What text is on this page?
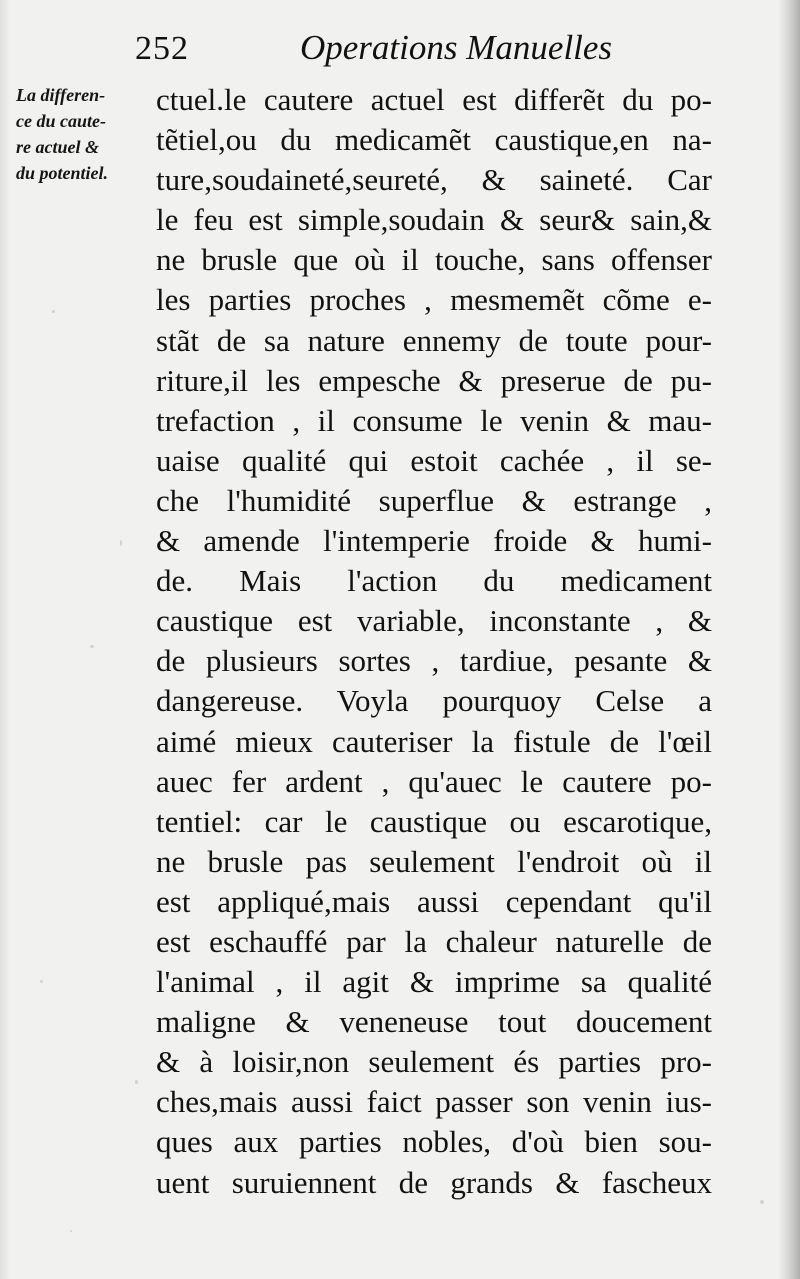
252	Operations Manuelles
La differen-
ce du caute-
re actuel &
du potentiel.
ctuel.le cautere actuel est differẽt du po-
tẽtiel,ou du medicamẽt caustique,en na-
ture,soudaineté,seureté, & saineté. Car
le feu est simple,soudain & seur& sain,&
ne brusle que où il touche, sans offenser
les parties proches , mesmemẽt cõme e-
stãt de sa nature ennemy de toute pour-
riture,il les empesche & preserue de pu-
trefaction , il consume le venin & mau-
uaise qualité qui estoit cachée , il se-
che l'humidité superflue & estrange ,
& amende l'intemperie froide & humi-
de. Mais l'action du medicament
caustique est variable, inconstante , &
de plusieurs sortes , tardiue, pesante &
dangereuse. Voyla pourquoy Celse a
aimé mieux cauteriser la fistule de l'œil
auec fer ardent , qu'auec le cautere po-
tentiel: car le caustique ou escarotique,
ne brusle pas seulement l'endroit où il
est appliqué,mais aussi cependant qu'il
est eschauffé par la chaleur naturelle de
l'animal , il agit & imprime sa qualité
maligne & veneneuse tout doucement
& à loisir,non seulement és parties pro-
ches,mais aussi faict passer son venin ius-
ques aux parties nobles, d'où bien sou-
uent suruiennent de grands & fascheux
